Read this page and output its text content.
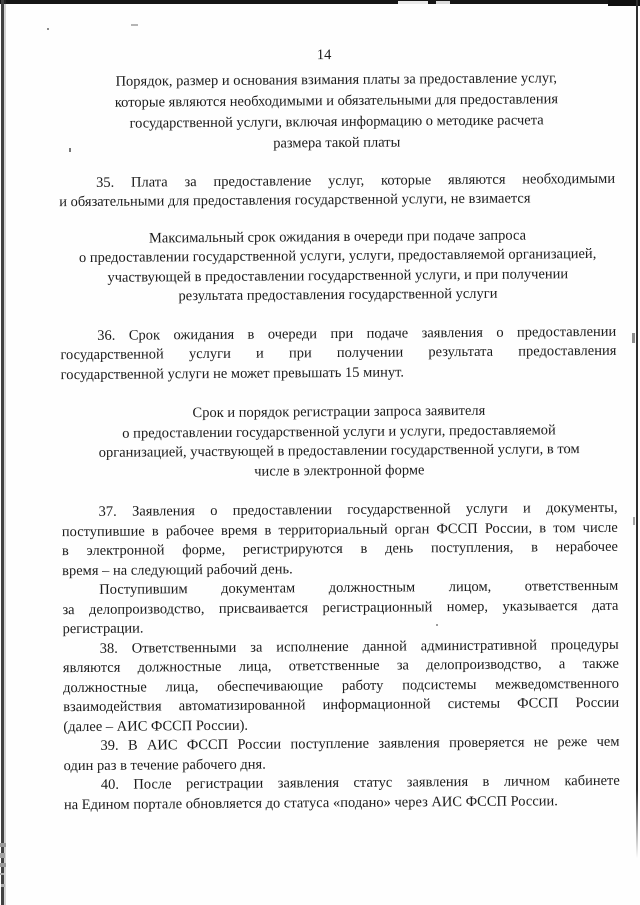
14
Порядок, размер и основания взимания платы за предоставление услуг,
которые являются необходимыми и обязательными для предоставления
государственной услуги, включая информацию о методике расчета
размера такой платы
35. Плата за предоставление услуг, которые являются необходимыми
и обязательными для предоставления государственной услуги, не взимается
Максимальный срок ожидания в очереди при подаче запроса
о предоставлении государственной услуги, услуги, предоставляемой организацией,
участвующей в предоставлении государственной услуги, и при получении
результата предоставления государственной услуги
36. Срок ожидания в очереди при подаче заявления о предоставлении
государственной услуги и при получении результата предоставления
государственной услуги не может превышать 15 минут.
Срок и порядок регистрации запроса заявителя
о предоставлении государственной услуги и услуги, предоставляемой
организацией, участвующей в предоставлении государственной услуги, в том
числе в электронной форме
37. Заявления о предоставлении государственной услуги и документы,
поступившие в рабочее время в территориальный орган ФССП России, в том числе
в электронной форме, регистрируются в день поступления, в нерабочее
время – на следующий рабочий день.
Поступившим документам должностным лицом, ответственным
за делопроизводство, присваивается регистрационный номер, указывается дата
регистрации.
38. Ответственными за исполнение данной административной процедуры
являются должностные лица, ответственные за делопроизводство, а также
должностные лица, обеспечивающие работу подсистемы межведомственного
взаимодействия автоматизированной информационной системы ФССП России
(далее – АИС ФССП России).
39. В АИС ФССП России поступление заявления проверяется не реже чем
один раз в течение рабочего дня.
40. После регистрации заявления статус заявления в личном кабинете
на Едином портале обновляется до статуса «подано» через АИС ФССП России.
